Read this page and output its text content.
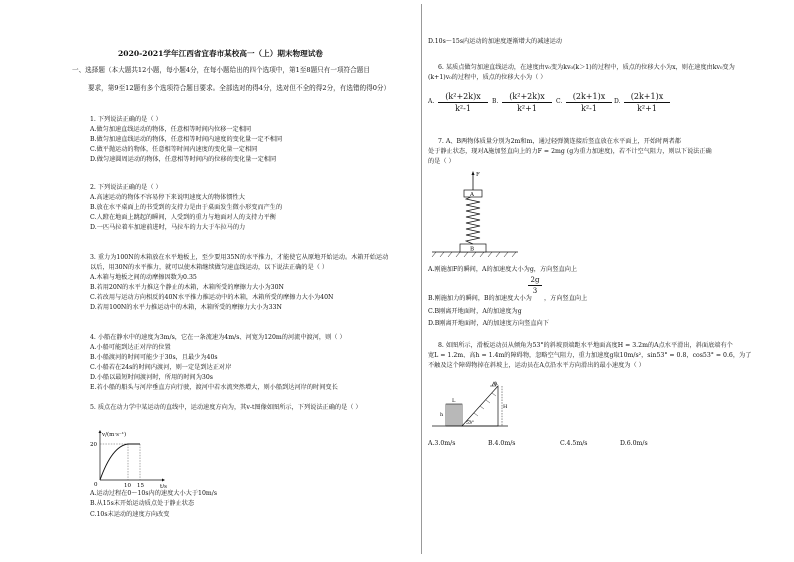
2020-2021学年江西省宜春市某校高一（上）期末物理试卷
一、选择题（本大题共12小题，每小题4分，在每小题给出的四个选项中，第1至8题只有一项符合题目
要求，第9至12题有多个选项符合题目要求。全部选对的得4分，选对但不全的得2分，有选错的得0分）
1. 下列说法正确的是（ ）
A.做匀加速直线运动的物体，任意相等时间内位移一定相同
B.做匀加速直线运动的物体，任意相等时间内速度的变化量一定不相同
C.做平抛运动的物体，任意相等时间内速度的变化量一定相同
D.做匀速圆周运动的物体，任意相等时间内的位移的变化量一定相同
2. 下列说法正确的是（ ）
A.高速运动的物体不容易停下来说明速度大的物体惯性大
B.放在水平桌面上的书受到的支持力是由于桌面发生微小形变而产生的
C.人蹬在地面上跳起的瞬间，人受到的重力与地面对人的支持力平衡
D.一匹马拉着车加速前进时，马拉车的力大于车拉马的力
3. 重力为100N的木箱放在水平地板上，至少要用35N的水平推力，才能使它从原地开始运动。木箱开始运动
以后，用30N的水平推力，就可以使木箱继续做匀速直线运动，以下说法正确的是（ ）
A.木箱与地板之间的动摩擦因数为0.35
B.若用20N的水平力推这个静止的木箱，木箱所受的摩擦力大小为30N
C.若改用与运动方向相反的40N水平推力推运动中的木箱，木箱所受的摩擦力大小为40N
D.若用100N的水平力推运动中的木箱，木箱所受的摩擦力大小为33N
4. 小船在静水中的速度为3m/s，它在一条流速为4m/s、河宽为120m的河流中渡河，则（ ）
A.小船可能到达正对岸的位置
B.小船渡河的时间可能少于30s，且最少为40s
C.小船若在24s的时间内渡河，则一定是到达正对岸
D.小船以最短时间渡河时，所用的时间为30s
E.若小船的船头与河岸垂直方向行驶，渡河中若水流突然增大，则小船到达河岸的时间变长
5. 质点在动力学中某运动的直线中，运动速度方向为，其v-t图像如图所示，下列说法正确的是（ ）
v/(m·s⁻¹)
t/s
20
10 15
0
A.运动过程在0～10s内的速度大小大于10m/s
B.从15s末开始运动质点处于静止状态
C.10s末运动的速度方向改变
D.10s～15s内运动的加速度逐渐增大的减速运动
6. 某质点做匀加速直线运动，在速度由v₀变为kv₀(k＞1)的过程中，质点的位移大小为x，则在速度由kv₀变为
(k+1)v₀的过程中，质点的位移大小为（ ）
A.
(k²+2k)x
k²-1
B.
(k²+2k)x
k²+1
C.
(2k+1)x
k²-1
D.
(2k+1)x
k²+1
7. A、B两物体质量分别为2m和m，通过轻弹簧连接后竖直放在水平面上，开始时两者都
处于静止状态，现对A施加竖直向上的力F = 2mg (g为重力加速度)，若不计空气阻力，则以下说法正确
的是（ ）
B
A
F
A.刚施加F的瞬间，A的加速度大小为g，方向竖直向上
B.刚施加力的瞬间，B的加速度大小为
2g
3
，方向竖直向上
C.B刚离开地面时，A的加速度为g
D.B刚离开地面时，A的加速度方向竖直向下
8. 如图所示，滑板运动员从倾角为53°的斜坡顶端距水平地面高度H = 3.2m的A点水平滑出，斜面底端有个
宽L = 1.2m、高h = 1.4m的障碍物，忽略空气阻力，重力加速度g取10m/s²，sin53° = 0.8，cos53° = 0.6，为了
不触及这个障碍物掉在斜坡上，运动员在A点沿水平方向滑出的最小速度为（ ）
A
H
h
L
53°
A.3.0m/s	B.4.0m/s	C.4.5m/s	D.6.0m/s
